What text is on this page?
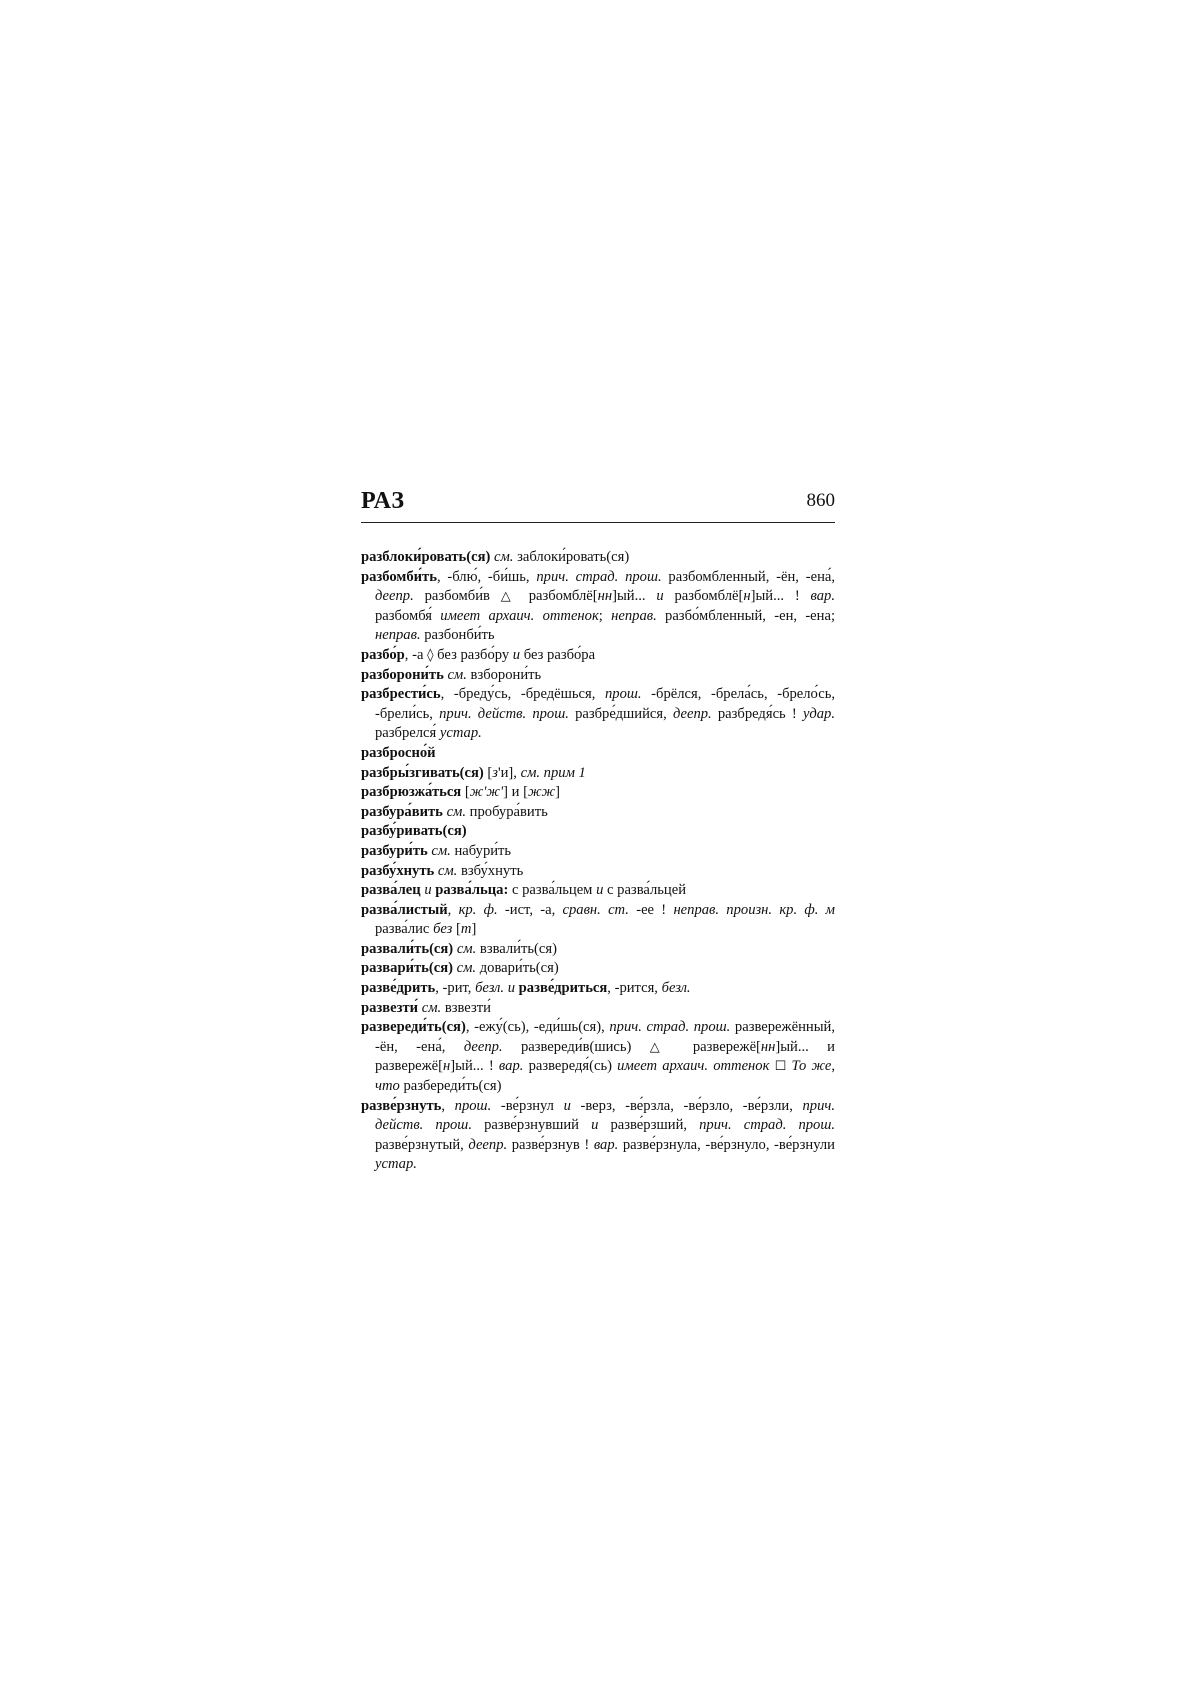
РАЗ	860

разблоки́ровать(ся) см. заблоки́ровать(ся)

разбомби́ть, -блю́, -би́шь, прич. страд. прош. разбомбленный, -ён, -ена́, деепр. разбомби́в △ разбомблё[нн]ый... и разбомблё[н]ый... ! вар. разбомбя́ имеет архаич. оттенок; неправ. разбо́мбленный, -ен, -ена; неправ. разбонби́ть

разбо́р, -а ◊ без разбо́ру и без разбо́ра

разборони́ть см. взборони́ть

разбрести́сь, -бреду́сь, -бредёшься, прош. -брёлся, -брела́сь, -брело́сь, -брели́сь, прич. действ. прош. разбре́дшийся, деепр. разбредя́сь ! удар. разбрелся́ устар.

разбросно́й

разбры́згивать(ся) [з'и], см. прим 1

разбрюзжа́ться [ж'ж'] и [жж]

разбура́вить см. пробура́вить

разбу́ривать(ся)

разбури́ть см. набури́ть

разбу́хнуть см. взбу́хнуть

разва́лец и разва́льца: с разва́льцем и с разва́льцей

разва́листый, кр. ф. -ист, -а, сравн. ст. -ее ! неправ. произн. кр. ф. м разва́лис без [т]

развали́ть(ся) см. взвали́ть(ся)

развари́ть(ся) см. довари́ть(ся)

разве́дрить, -рит, безл. и разве́дриться, -рится, безл.

развезти́ см. взвезти́

развереди́ть(ся), -ежу́(сь), -еди́шь(ся), прич. страд. прош. развережённый, -ён, -ена́, деепр. развереди́в(шись) △ развережё[нн]ый... и развережё[н]ый... ! вар. развередя́(сь) имеет архаич. оттенок ☐ То же, что разбереди́ть(ся)

разве́рзнуть, прош. -ве́рзнул и -верз, -ве́рзла, -ве́рзло, -ве́рзли, прич. действ. прош. разве́рзнувший и разве́рзший, прич. страд. прош. разве́рзнутый, деепр. разве́рзнув ! вар. разве́рзнула, -ве́рзнуло, -ве́рзнули устар.
